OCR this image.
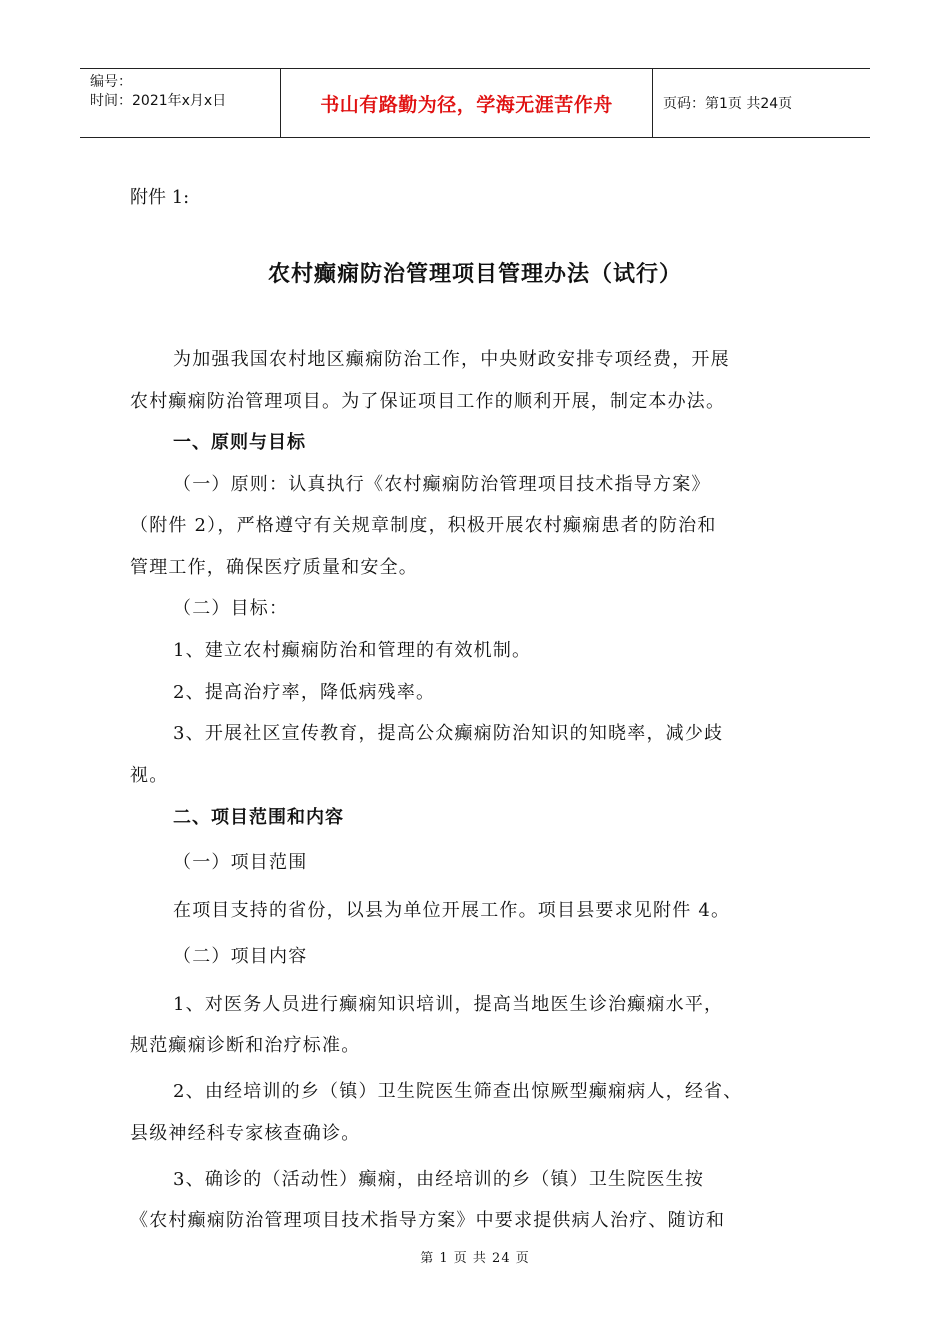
编号：
时间：2021年x月x日	书山有路勤为径，学海无涯苦作舟	页码：第1页 共24页
附件 1:
农村癫痫防治管理项目管理办法（试行）
为加强我国农村地区癫痫防治工作，中央财政安排专项经费，开展
农村癫痫防治管理项目。为了保证项目工作的顺利开展，制定本办法。
一、原则与目标
（一）原则：认真执行《农村癫痫防治管理项目技术指导方案》
（附件 2），严格遵守有关规章制度，积极开展农村癫痫患者的防治和
管理工作，确保医疗质量和安全。
（二）目标：
1、建立农村癫痫防治和管理的有效机制。
2、提高治疗率，降低病残率。
3、开展社区宣传教育，提高公众癫痫防治知识的知晓率，减少歧
视。
二、项目范围和内容
（一）项目范围
在项目支持的省份，以县为单位开展工作。项目县要求见附件 4。
（二）项目内容
1、对医务人员进行癫痫知识培训，提高当地医生诊治癫痫水平，
规范癫痫诊断和治疗标准。
2、由经培训的乡（镇）卫生院医生筛查出惊厥型癫痫病人，经省、
县级神经科专家核查确诊。
3、确诊的（活动性）癫痫，由经培训的乡（镇）卫生院医生按
《农村癫痫防治管理项目技术指导方案》中要求提供病人治疗、随访和
第 1 页 共 24 页
